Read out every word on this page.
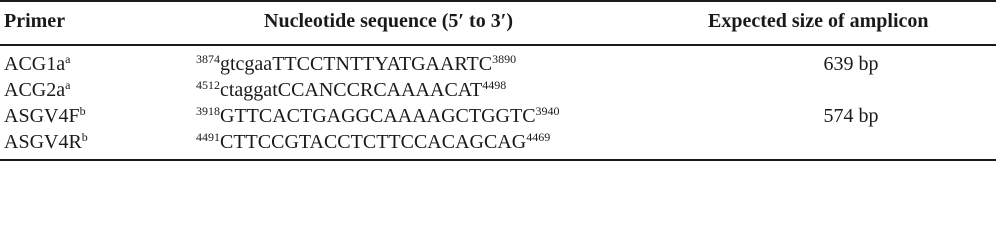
Primer	Nucleotide sequence (5′ to 3′)	Expected size of amplicon
$ACG1a^a$	$^{3874}$gtcgaaTTCCTNTTYATGAARTC$^{3890}$	639 bp
$ACG2a^a$	$^{4512}$ctaggatCCANCCRCAAAACAT$^{4498}$
$ASGV4F^b$	$^{3918}GTTCACTGAGGCAAAAGCTGGTC^{3940}$	574 bp
$ASGV4R^b$	$^{4491}CTTCCGTACCTCTTCCACAGCAG^{4469}$
